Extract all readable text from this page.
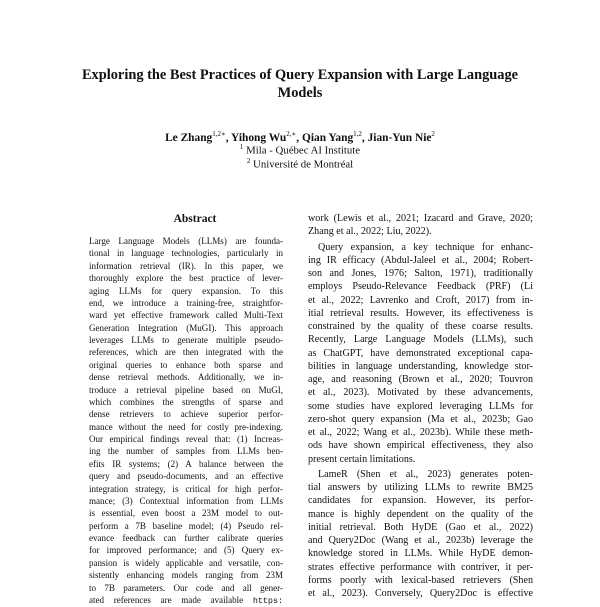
Exploring the Best Practices of Query Expansion with Large Language
Models
Le Zhang$^{1,2∗}$, Yihong $Wu^{2,∗}$, Qian Yang$^{1,2}$, Jian-Yun Nie$^2$
$^1$ Mila - Québec AI Institute
$^2$ Université de Montréal
Abstract
Large Language Models (LLMs) are founda-
tional in language technologies, particularly in
information retrieval (IR). In this paper, we
thoroughly explore the best practice of lever-
aging LLMs for query expansion. To this
end, we introduce a training-free, straightfor-
ward yet effective framework called Multi-Text
Generation Integration (MuGI). This approach
leverages LLMs to generate multiple pseudo-
references, which are then integrated with the
original queries to enhance both sparse and
dense retrieval methods. Additionally, we in-
troduce a retrieval pipeline based on MuGI,
which combines the strengths of sparse and
dense retrievers to achieve superior perfor-
mance without the need for costly pre-indexing.
Our empirical findings reveal that: (1) Increas-
ing the number of samples from LLMs ben-
efits IR systems; (2) A balance between the
query and pseudo-documents, and an effective
integration strategy, is critical for high perfor-
mance; (3) Contextual information from LLMs
is essential, even boost a 23M model to out-
perform a 7B baseline model; (4) Pseudo rel-
evance feedback can further calibrate queries
for improved performance; and (5) Query ex-
pansion is widely applicable and versatile, con-
sistently enhancing models ranging from 23M
to 7B parameters. Our code and all gener-
ated references are made available https:
work (Lewis et al., 2021; Izacard and Grave, 2020;
Zhang et al., 2022; Liu, 2022).
Query expansion, a key technique for enhanc-
ing IR efficacy (Abdul-Jaleel et al., 2004; Robert-
son and Jones, 1976; Salton, 1971), traditionally
employs Pseudo-Relevance Feedback (PRF) (Li
et al., 2022; Lavrenko and Croft, 2017) from in-
itial retrieval results. However, its effectiveness is
constrained by the quality of these coarse results.
Recently, Large Language Models (LLMs), such
as ChatGPT, have demonstrated exceptional capa-
bilities in language understanding, knowledge stor-
age, and reasoning (Brown et al., 2020; Touvron
et al., 2023). Motivated by these advancements,
some studies have explored leveraging LLMs for
zero-shot query expansion (Ma et al., 2023b; Gao
et al., 2022; Wang et al., 2023b). While these meth-
ods have shown empirical effectiveness, they also
present certain limitations.
LameR (Shen et al., 2023) generates poten-
tial answers by utilizing LLMs to rewrite BM25
candidates for expansion. However, its perfor-
mance is highly dependent on the quality of the
initial retrieval. Both HyDE (Gao et al., 2022)
and Query2Doc (Wang et al., 2023b) leverage the
knowledge stored in LLMs. While HyDE demon-
strates effective performance with contriver, it per-
forms poorly with lexical-based retrievers (Shen
et al., 2023). Conversely, Query2Doc is effective
